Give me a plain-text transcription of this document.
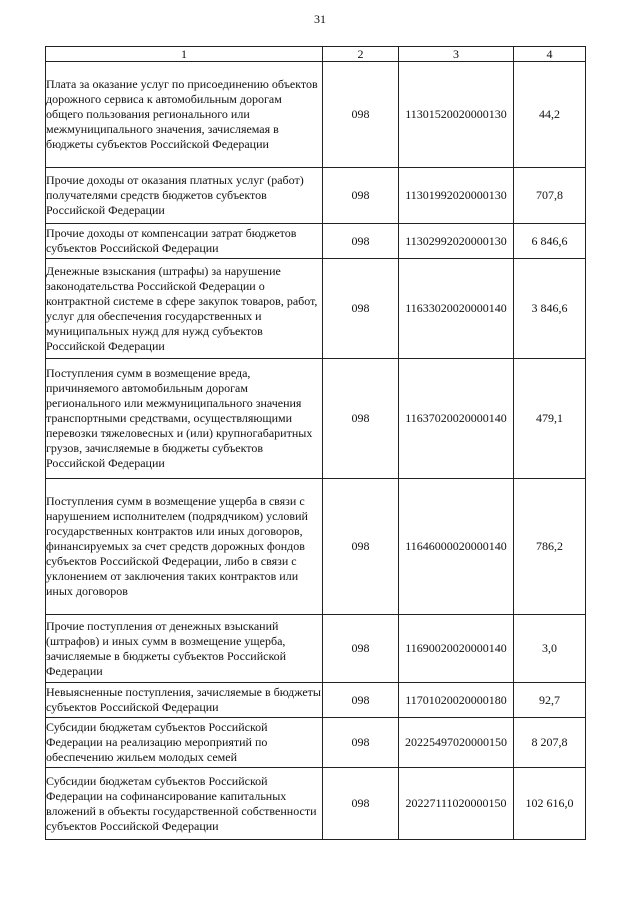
31
1	2	3	4
Плата за оказание услуг по присоединению объектов дорожного сервиса к автомобильным дорогам общего пользования регионального или межмуниципального значения, зачисляемая в бюджеты субъектов Российской Федерации	098	11301520020000130	44,2
Прочие доходы от оказания платных услуг (работ) получателями средств бюджетов субъектов Российской Федерации	098	11301992020000130	707,8
Прочие доходы от компенсации затрат бюджетов субъектов Российской Федерации	098	11302992020000130	6 846,6
Денежные взыскания (штрафы) за нарушение законодательства Российской Федерации о контрактной системе в сфере закупок товаров, работ, услуг для обеспечения государственных и муниципальных нужд для нужд субъектов Российской Федерации	098	11633020020000140	3 846,6
Поступления сумм в возмещение вреда, причиняемого автомобильным дорогам регионального или межмуниципального значения транспортными средствами, осуществляющими перевозки тяжеловесных и (или) крупногабаритных грузов, зачисляемые в бюджеты субъектов Российской Федерации	098	11637020020000140	479,1
Поступления сумм в возмещение ущерба в связи с нарушением исполнителем (подрядчиком) условий государственных контрактов или иных договоров, финансируемых за счет средств дорожных фондов субъектов Российской Федерации, либо в связи с уклонением от заключения таких контрактов или иных договоров	098	11646000020000140	786,2
Прочие поступления от денежных взысканий (штрафов) и иных сумм в возмещение ущерба, зачисляемые в бюджеты субъектов Российской Федерации	098	11690020020000140	3,0
Невыясненные поступления, зачисляемые в бюджеты субъектов Российской Федерации	098	11701020020000180	92,7
Субсидии бюджетам субъектов Российской Федерации на реализацию мероприятий по обеспечению жильем молодых семей	098	20225497020000150	8 207,8
Субсидии бюджетам субъектов Российской Федерации на софинансирование капитальных вложений в объекты государственной собственности субъектов Российской Федерации	098	20227111020000150	102 616,0
